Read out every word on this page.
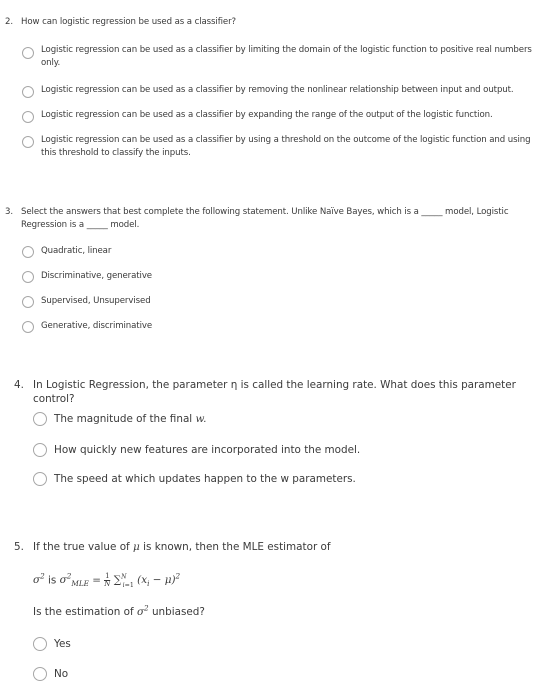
2. How can logistic regression be used as a classifier?
Logistic regression can be used as a classifier by limiting the domain of the logistic function to positive real numbers
only.
Logistic regression can be used as a classifier by removing the nonlinear relationship between input and output.
Logistic regression can be used as a classifier by expanding the range of the output of the logistic function.
Logistic regression can be used as a classifier by using a threshold on the outcome of the logistic function and using
this threshold to classify the inputs.
3. Select the answers that best complete the following statement. Unlike Naïve Bayes, which is a _____ model, Logistic
Regression is a _____ model.
Quadratic, linear
Discriminative, generative
Supervised, Unsupervised
Generative, discriminative
4. In Logistic Regression, the parameter η is called the learning rate. What does this parameter control?
The magnitude of the final w.
How quickly new features are incorporated into the model.
The speed at which updates happen to the w parameters.
5. If the true value of μ is known, then the MLE estimator of
$\sigma^2$ is $\sigma^2_{MLE} = \frac{1}{N} \sum^N_{i=1}$ $(x_i - \mu)^2$
Is the estimation of $\sigma^2$ unbiased?
Yes
No
